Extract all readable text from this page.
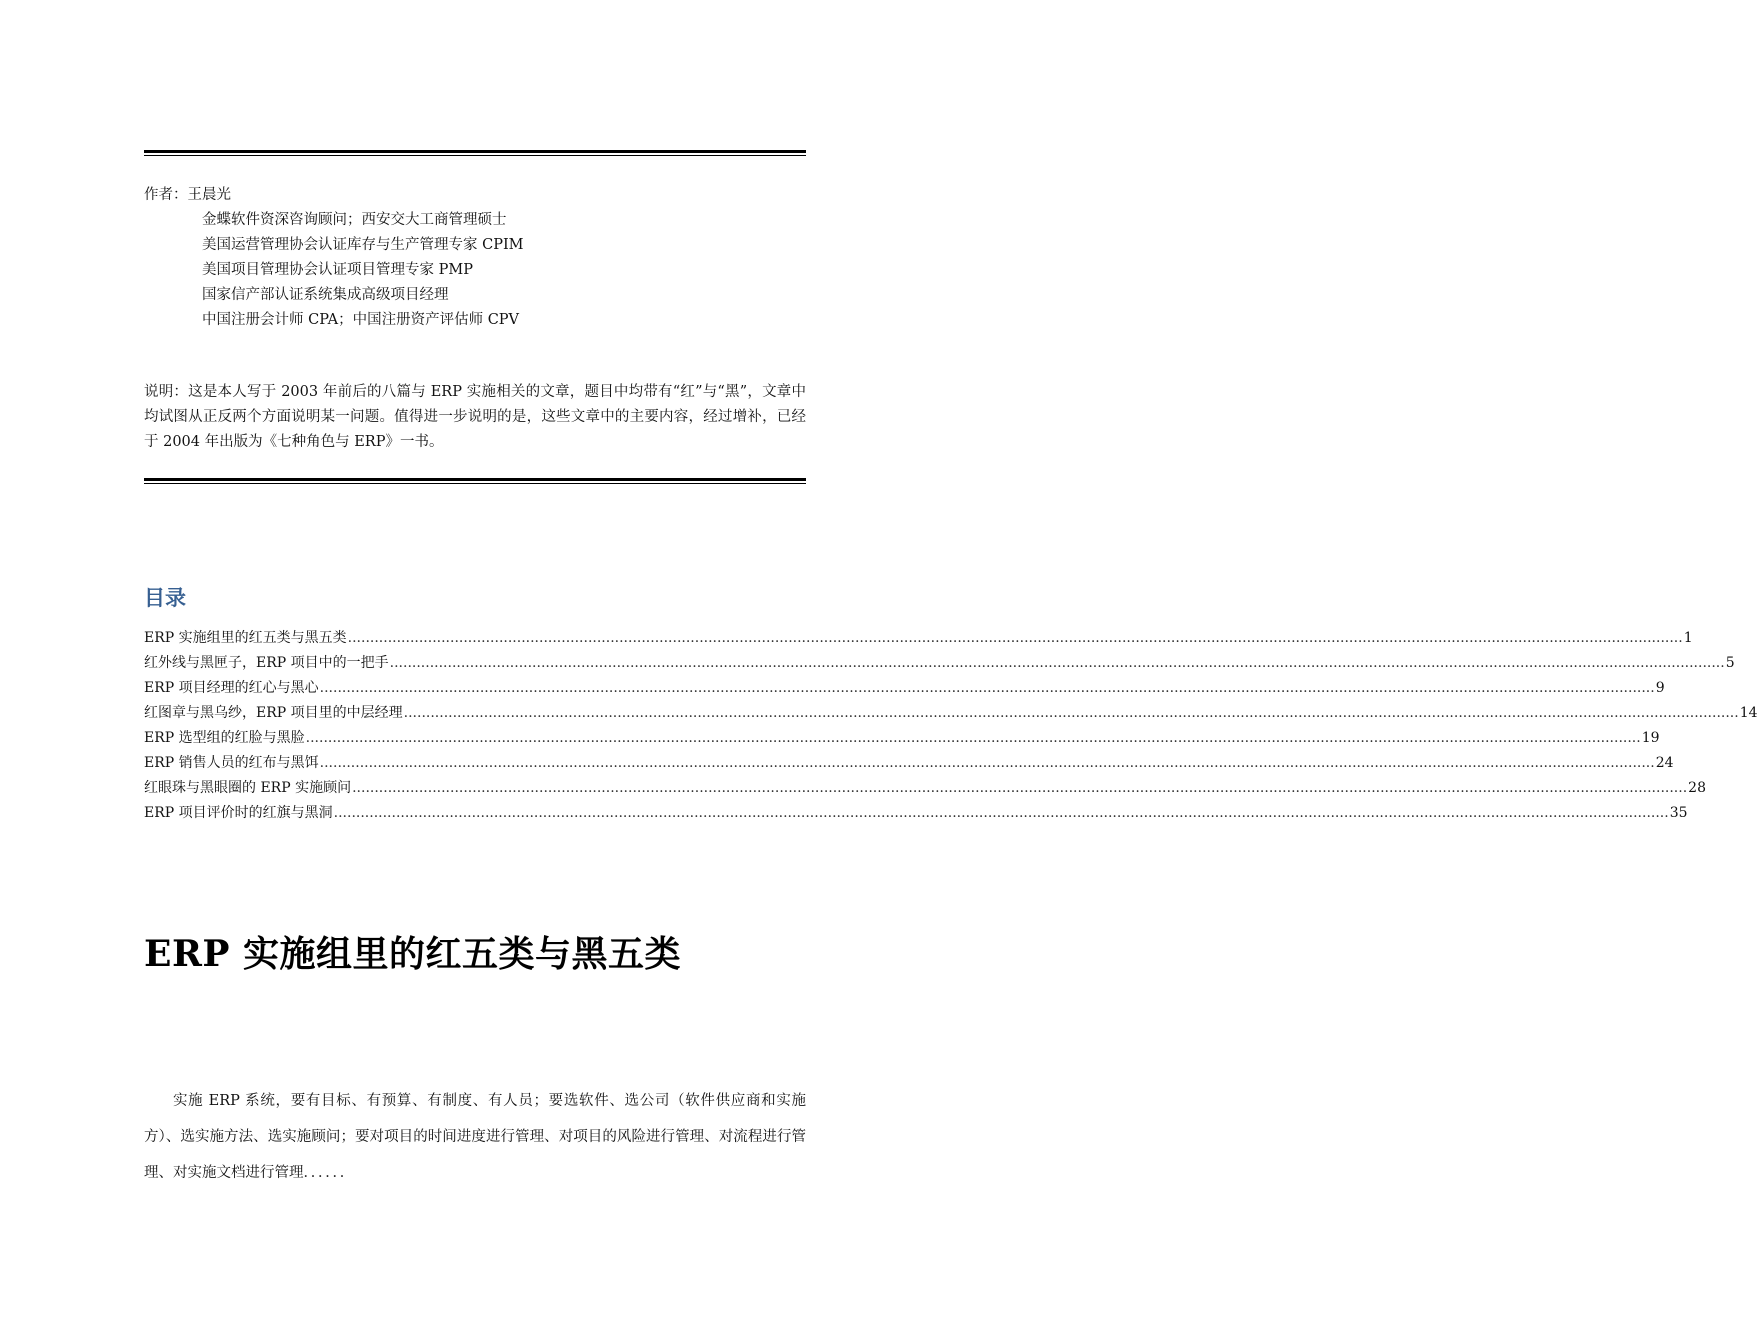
作者：王晨光
金蝶软件资深咨询顾问；西安交大工商管理硕士
美国运营管理协会认证库存与生产管理专家 CPIM
美国项目管理协会认证项目管理专家 PMP
国家信产部认证系统集成高级项目经理
中国注册会计师 CPA；中国注册资产评估师 CPV
说明：这是本人写于 2003 年前后的八篇与 ERP 实施相关的文章，题目中均带有“红”与“黑”，文章中均试图从正反两个方面说明某一问题。值得进一步说明的是，这些文章中的主要内容，经过增补，已经于 2004 年出版为《七种角色与 ERP》一书。
目录
ERP 实施组里的红五类与黑五类 ............................................................................................................................................................................................................................................................................................................ 1
红外线与黑匣子，ERP 项目中的一把手 ............................................................................................................................................................................................................................................................................................................ 5
ERP 项目经理的红心与黑心 ............................................................................................................................................................................................................................................................................................................ 9
红图章与黑乌纱，ERP 项目里的中层经理 ............................................................................................................................................................................................................................................................................................................ 14
ERP 选型组的红脸与黑脸 ............................................................................................................................................................................................................................................................................................................ 19
ERP 销售人员的红布与黑饵 ............................................................................................................................................................................................................................................................................................................ 24
红眼珠与黑眼圈的 ERP 实施顾问 ............................................................................................................................................................................................................................................................................................................ 28
ERP 项目评价时的红旗与黑洞 ............................................................................................................................................................................................................................................................................................................ 35
ERP 实施组里的红五类与黑五类
实施 ERP 系统，要有目标、有预算、有制度、有人员；要选软件、选公司（软件供应商和实施方）、选实施方法、选实施顾问；要对项目的时间进度进行管理、对项目的风险进行管理、对流程进行管理、对实施文档进行管理．．．．．．
